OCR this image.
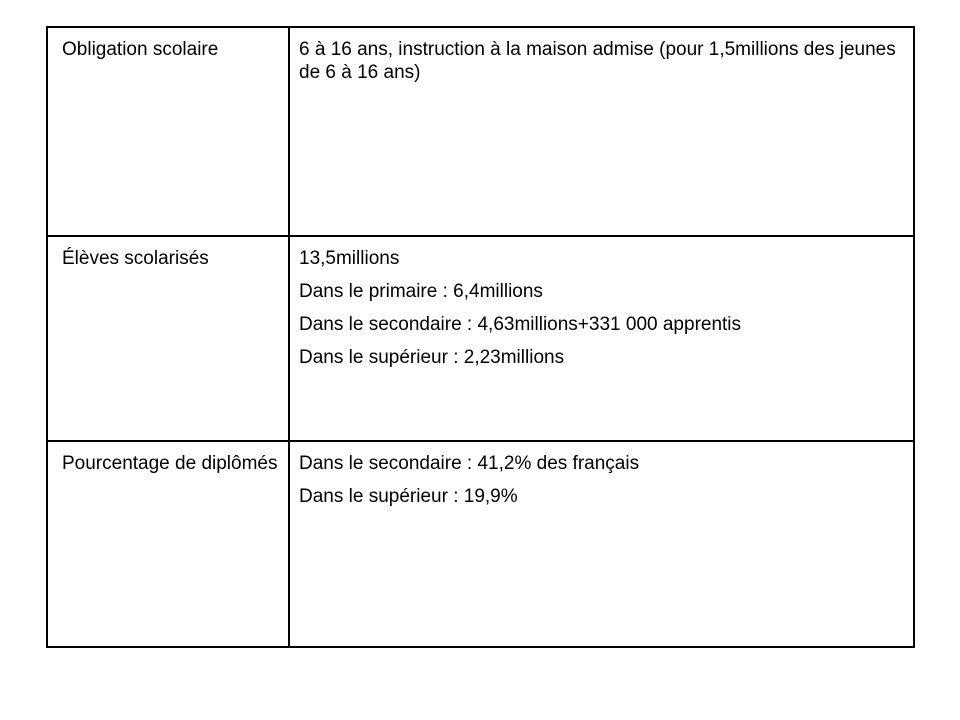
Obligation scolaire	6 à 16 ans, instruction à la maison admise (pour 1,5millions des jeunes de 6 à 16 ans)

Élèves scolarisés	13,5millions

Dans le primaire : 6,4millions

Dans le secondaire : 4,63millions+331 000 apprentis

Dans le supérieur : 2,23millions

Pourcentage de diplômés	Dans le secondaire : 41,2% des français

Dans le supérieur : 19,9%
